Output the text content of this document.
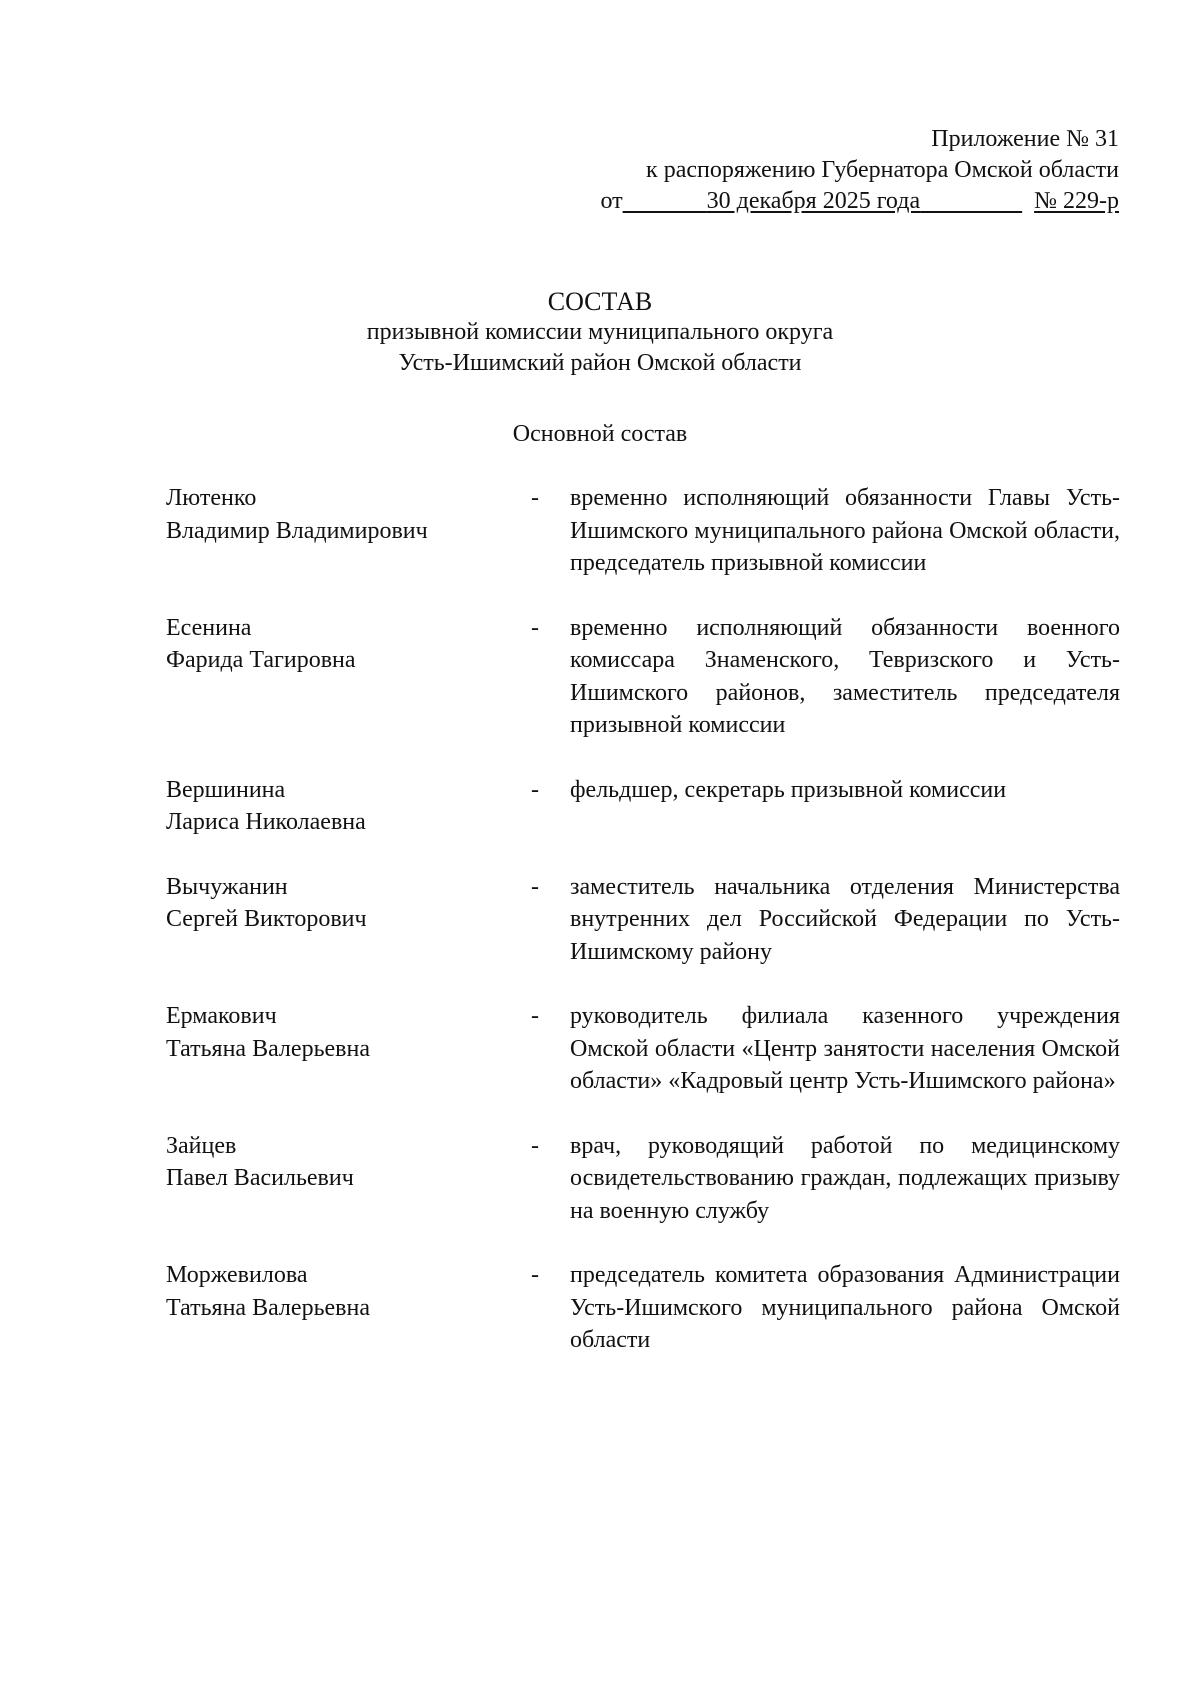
Приложение № 31
к распоряжению Губернатора Омской области
от	30 декабря 2025 года	№ 229-р
СОСТАВ
призывной комиссии муниципального округа
Усть-Ишимский район Омской области
Основной состав
Лютенко
Владимир Владимирович
- временно исполняющий обязанности Главы Усть-Ишимского муниципального района Омской области, председатель призывной комиссии
Есенина
Фарида Тагировна
- временно исполняющий обязанности военного комиссара Знаменского, Тевризского и Усть-Ишимского районов, заместитель председателя призывной комиссии
Вершинина
Лариса Николаевна
- фельдшер, секретарь призывной комиссии
Вычужанин
Сергей Викторович
- заместитель начальника отделения Министерства внутренних дел Российской Федерации по Усть-Ишимскому району
Ермакович
Татьяна Валерьевна
- руководитель филиала казенного учреждения Омской области «Центр занятости населения Омской области» «Кадровый центр Усть-Ишимского района»
Зайцев
Павел Васильевич
- врач, руководящий работой по медицинскому освидетельствованию граждан, подлежащих призыву на военную службу
Моржевилова
Татьяна Валерьевна
- председатель комитета образования Администрации Усть-Ишимского муниципального района Омской области
